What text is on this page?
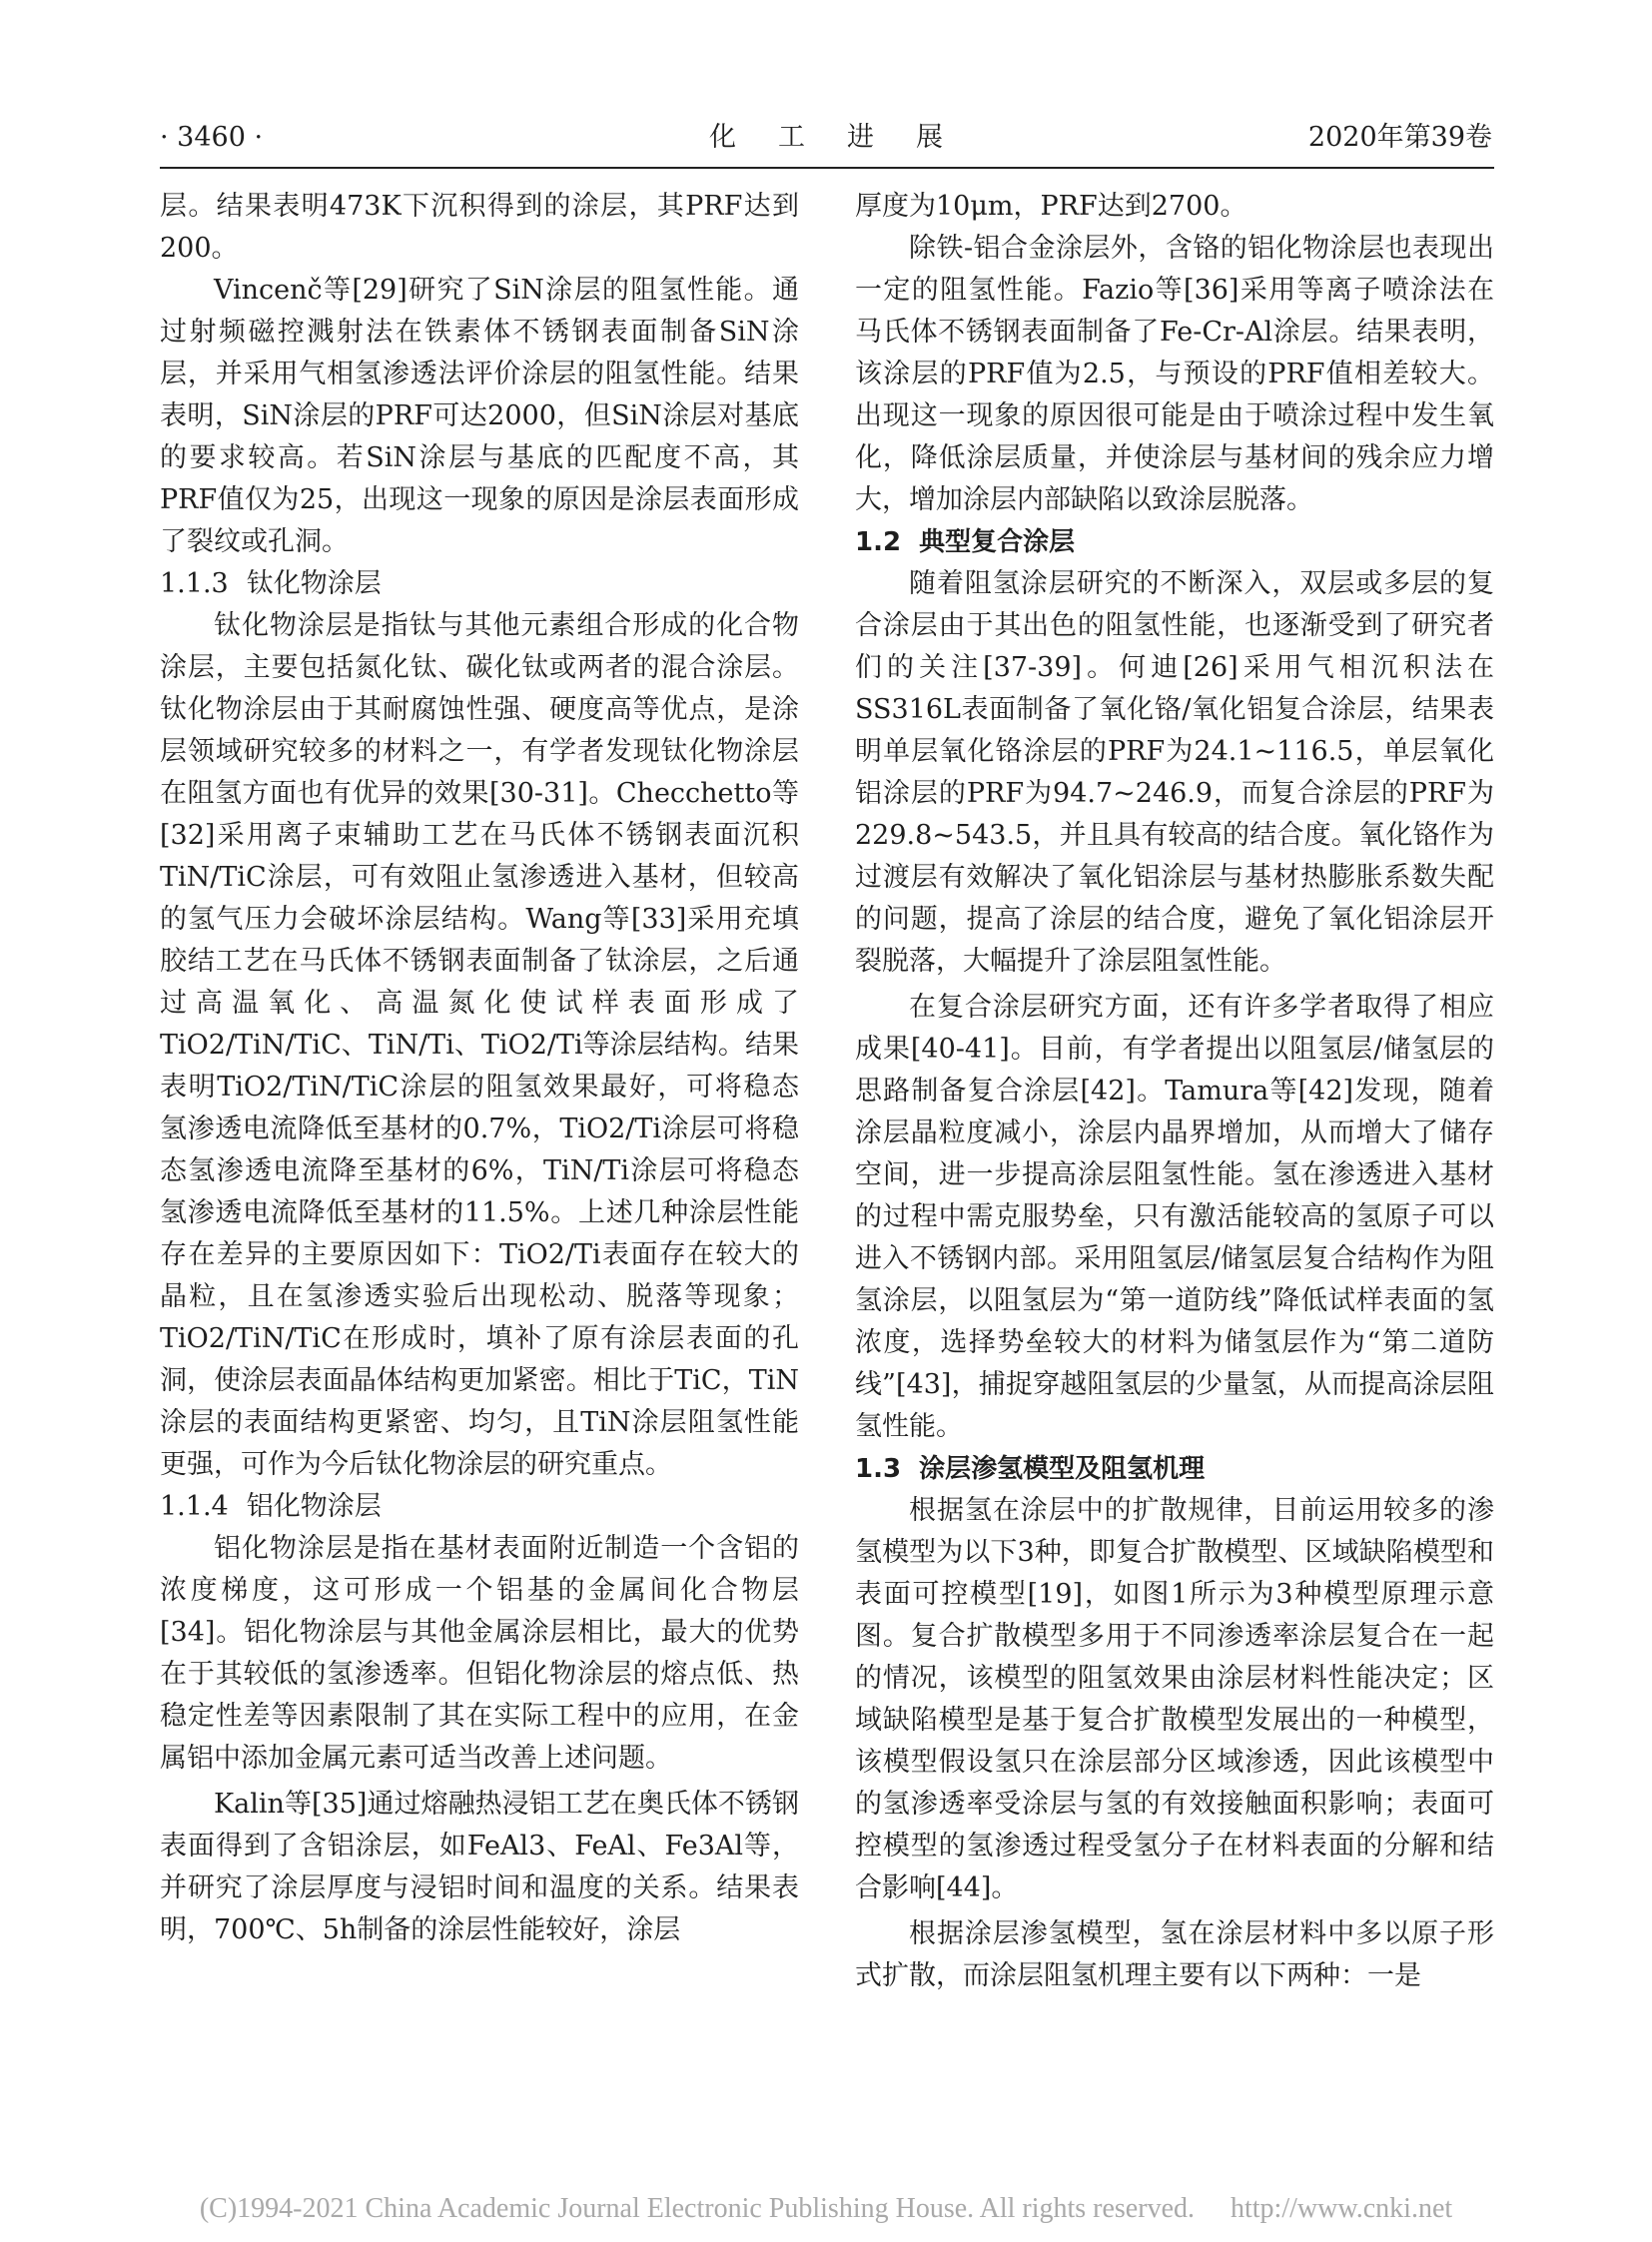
· 3460 ·	化工进展	2020年第39卷

层。结果表明473K下沉积得到的涂层，其PRF达到200。

Vincenč等[29]研究了SiN涂层的阻氢性能。通过射频磁控溅射法在铁素体不锈钢表面制备SiN涂层，并采用气相氢渗透法评价涂层的阻氢性能。结果表明，SiN涂层的PRF可达2000，但SiN涂层对基底的要求较高。若SiN涂层与基底的匹配度不高，其PRF值仅为25，出现这一现象的原因是涂层表面形成了裂纹或孔洞。

1.1.3 钛化物涂层

钛化物涂层是指钛与其他元素组合形成的化合物涂层，主要包括氮化钛、碳化钛或两者的混合涂层。钛化物涂层由于其耐腐蚀性强、硬度高等优点，是涂层领域研究较多的材料之一，有学者发现钛化物涂层在阻氢方面也有优异的效果[30-31]。Checchetto等[32]采用离子束辅助工艺在马氏体不锈钢表面沉积TiN/TiC涂层，可有效阻止氢渗透进入基材，但较高的氢气压力会破坏涂层结构。Wang等[33]采用充填胶结工艺在马氏体不锈钢表面制备了钛涂层，之后通过高温氧化、高温氮化使试样表面形成了TiO2/TiN/TiC、TiN/Ti、TiO2/Ti等涂层结构。结果表明TiO2/TiN/TiC涂层的阻氢效果最好，可将稳态氢渗透电流降低至基材的0.7%，TiO2/Ti涂层可将稳态氢渗透电流降至基材的6%，TiN/Ti涂层可将稳态氢渗透电流降低至基材的11.5%。上述几种涂层性能存在差异的主要原因如下：TiO2/Ti表面存在较大的晶粒，且在氢渗透实验后出现松动、脱落等现象；TiO2/TiN/TiC在形成时，填补了原有涂层表面的孔洞，使涂层表面晶体结构更加紧密。相比于TiC，TiN涂层的表面结构更紧密、均匀，且TiN涂层阻氢性能更强，可作为今后钛化物涂层的研究重点。

1.1.4 铝化物涂层

铝化物涂层是指在基材表面附近制造一个含铝的浓度梯度，这可形成一个铝基的金属间化合物层[34]。铝化物涂层与其他金属涂层相比，最大的优势在于其较低的氢渗透率。但铝化物涂层的熔点低、热稳定性差等因素限制了其在实际工程中的应用，在金属铝中添加金属元素可适当改善上述问题。

Kalin等[35]通过熔融热浸铝工艺在奥氏体不锈钢表面得到了含铝涂层，如FeAl3、FeAl、Fe3Al等，并研究了涂层厚度与浸铝时间和温度的关系。结果表明，700℃、5h制备的涂层性能较好，涂层

厚度为10μm，PRF达到2700。

除铁-铝合金涂层外，含铬的铝化物涂层也表现出一定的阻氢性能。Fazio等[36]采用等离子喷涂法在马氏体不锈钢表面制备了Fe-Cr-Al涂层。结果表明，该涂层的PRF值为2.5，与预设的PRF值相差较大。出现这一现象的原因很可能是由于喷涂过程中发生氧化，降低涂层质量，并使涂层与基材间的残余应力增大，增加涂层内部缺陷以致涂层脱落。

1.2 典型复合涂层

随着阻氢涂层研究的不断深入，双层或多层的复合涂层由于其出色的阻氢性能，也逐渐受到了研究者们的关注[37-39]。何迪[26]采用气相沉积法在SS316L表面制备了氧化铬/氧化铝复合涂层，结果表明单层氧化铬涂层的PRF为24.1~116.5，单层氧化铝涂层的PRF为94.7~246.9，而复合涂层的PRF为229.8~543.5，并且具有较高的结合度。氧化铬作为过渡层有效解决了氧化铝涂层与基材热膨胀系数失配的问题，提高了涂层的结合度，避免了氧化铝涂层开裂脱落，大幅提升了涂层阻氢性能。

在复合涂层研究方面，还有许多学者取得了相应成果[40-41]。目前，有学者提出以阻氢层/储氢层的思路制备复合涂层[42]。Tamura等[42]发现，随着涂层晶粒度减小，涂层内晶界增加，从而增大了储存空间，进一步提高涂层阻氢性能。氢在渗透进入基材的过程中需克服势垒，只有激活能较高的氢原子可以进入不锈钢内部。采用阻氢层/储氢层复合结构作为阻氢涂层，以阻氢层为“第一道防线”降低试样表面的氢浓度，选择势垒较大的材料为储氢层作为“第二道防线”[43]，捕捉穿越阻氢层的少量氢，从而提高涂层阻氢性能。

1.3 涂层渗氢模型及阻氢机理

根据氢在涂层中的扩散规律，目前运用较多的渗氢模型为以下3种，即复合扩散模型、区域缺陷模型和表面可控模型[19]，如图1所示为3种模型原理示意图。复合扩散模型多用于不同渗透率涂层复合在一起的情况，该模型的阻氢效果由涂层材料性能决定；区域缺陷模型是基于复合扩散模型发展出的一种模型，该模型假设氢只在涂层部分区域渗透，因此该模型中的氢渗透率受涂层与氢的有效接触面积影响；表面可控模型的氢渗透过程受氢分子在材料表面的分解和结合影响[44]。

根据涂层渗氢模型，氢在涂层材料中多以原子形式扩散，而涂层阻氢机理主要有以下两种：一是

(C)1994-2021 China Academic Journal Electronic Publishing House. All rights reserved. http://www.cnki.net
